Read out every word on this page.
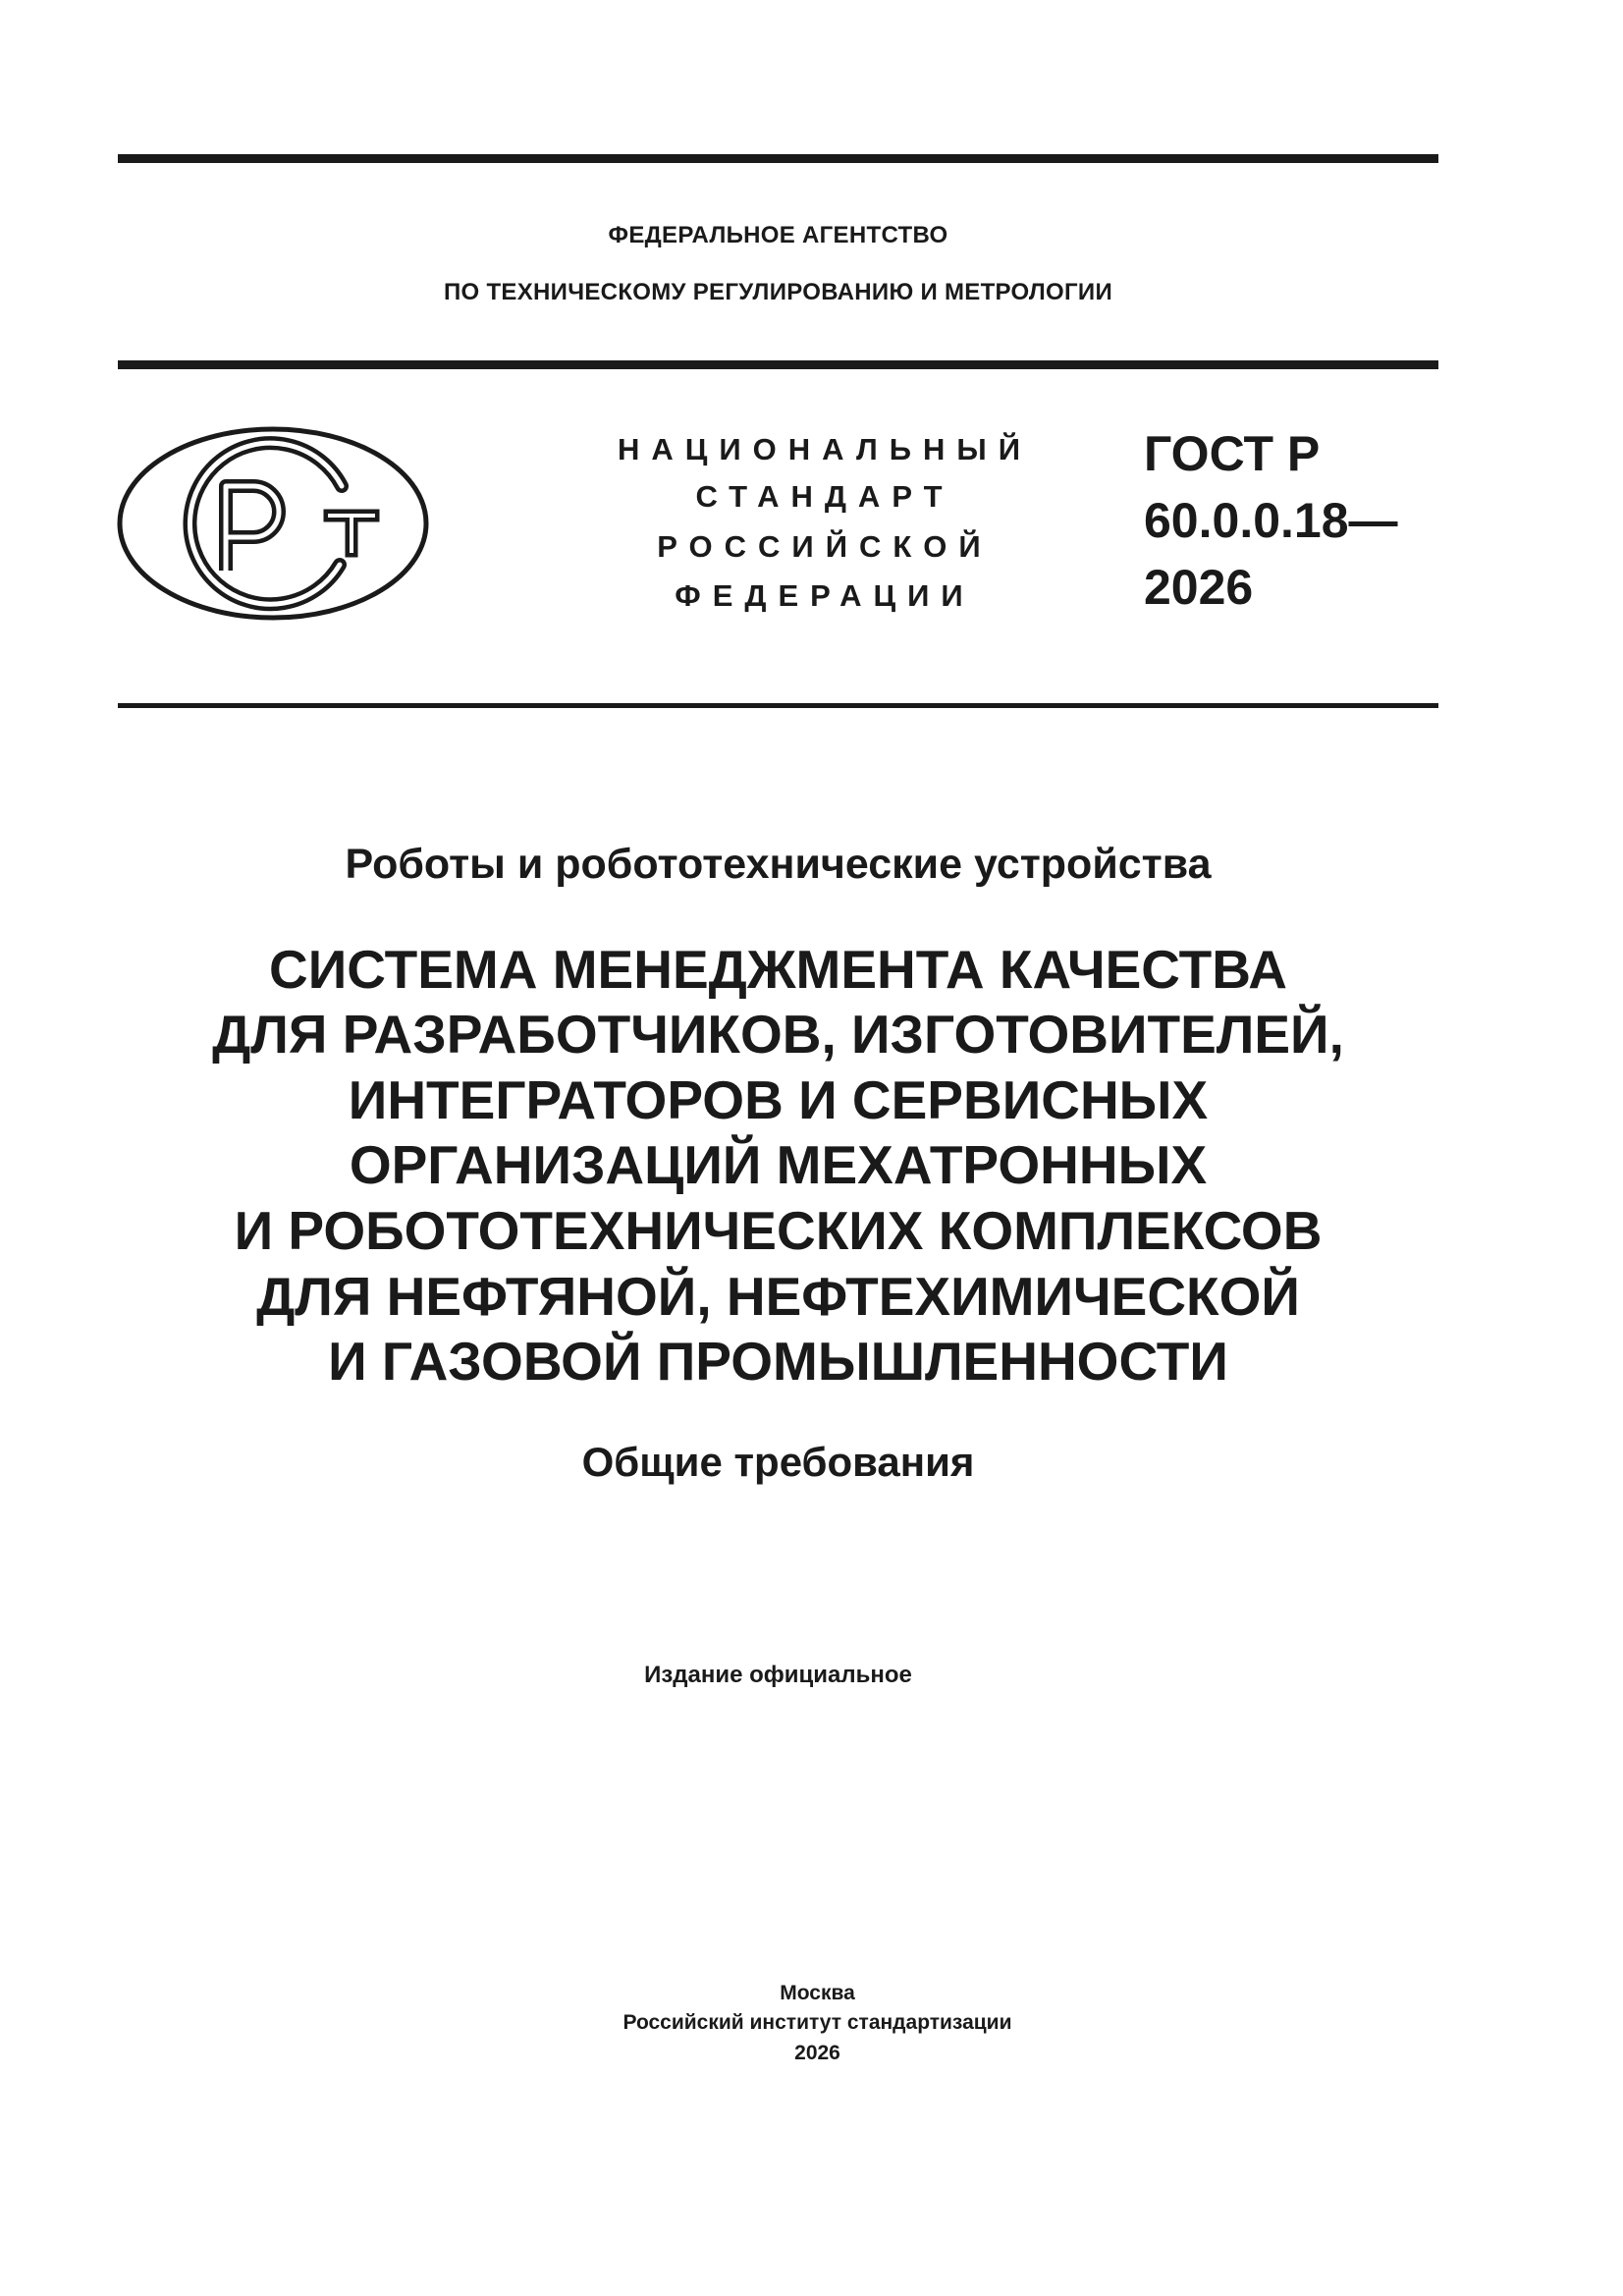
ФЕДЕРАЛЬНОЕ АГЕНТСТВО
ПО ТЕХНИЧЕСКОМУ РЕГУЛИРОВАНИЮ И МЕТРОЛОГИИ
НАЦИОНАЛЬНЫЙ
СТАНДАРТ
РОССИЙСКОЙ
ФЕДЕРАЦИИ
ГОСТ Р
60.0.0.18—
2026
Роботы и робототехнические устройства
СИСТЕМА МЕНЕДЖМЕНТА КАЧЕСТВА
ДЛЯ РАЗРАБОТЧИКОВ, ИЗГОТОВИТЕЛЕЙ,
ИНТЕГРАТОРОВ И СЕРВИСНЫХ
ОРГАНИЗАЦИЙ МЕХАТРОННЫХ
И РОБОТОТЕХНИЧЕСКИХ КОМПЛЕКСОВ
ДЛЯ НЕФТЯНОЙ, НЕФТЕХИМИЧЕСКОЙ
И ГАЗОВОЙ ПРОМЫШЛЕННОСТИ
Общие требования
Издание официальное
Москва
Российский институт стандартизации
2026
